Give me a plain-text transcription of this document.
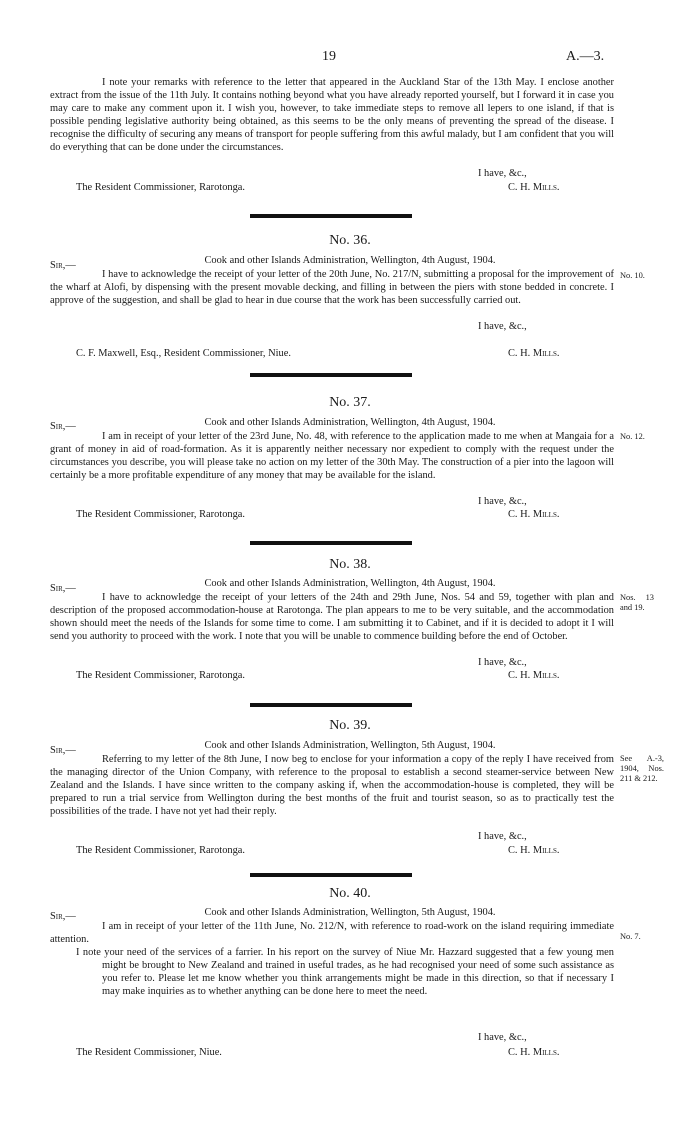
19	A.—3.

I note your remarks with reference to the letter that appeared in the Auckland Star of the 13th May. I enclose another extract from the issue of the 11th July. It contains nothing beyond what you have already reported yourself, but I forward it in case you may care to make any comment upon it. I wish you, however, to take immediate steps to remove all lepers to one island, if that is possible pending legislative authority being obtained, as this seems to be the only means of preventing the spread of the disease. I recognise the difficulty of securing any means of transport for people suffering from this awful malady, but I am confident that you will do everything that can be done under the circumstances.

I have, &c.,
The Resident Commissioner, Rarotonga.	C. H. Mills.
No. 36.
Sir,—	Cook and other Islands Administration, Wellington, 4th August, 1904.

I have to acknowledge the receipt of your letter of the 20th June, No. 217/N, submitting a proposal for the improvement of the wharf at Alofi, by dispensing with the present movable decking, and filling in between the piers with stone bedded in concrete. I approve of the suggestion, and shall be glad to hear in due course that the work has been successfully carried out.

I have, &c.,
C. F. Maxwell, Esq., Resident Commissioner, Niue.	C. H. Mills.
No. 10.
No. 37.
Sir,—	Cook and other Islands Administration, Wellington, 4th August, 1904.

I am in receipt of your letter of the 23rd June, No. 48, with reference to the application made to me when at Mangaia for a grant of money in aid of road-formation. As it is apparently neither necessary nor expedient to comply with the request under the circumstances you describe, you will please take no action on my letter of the 30th May. The construction of a pier into the lagoon will certainly be a more profitable expenditure of any money that may be available for the island.

I have, &c.,
The Resident Commissioner, Rarotonga.	C. H. Mills.
No. 12.
No. 38.
Sir,—	Cook and other Islands Administration, Wellington, 4th August, 1904.

I have to acknowledge the receipt of your letters of the 24th and 29th June, Nos. 54 and 59, together with plan and description of the proposed accommodation-house at Rarotonga. The plan appears to me to be very suitable, and the accommodation shown should meet the needs of the Islands for some time to come. I am submitting it to Cabinet, and if it is decided to adopt it I will send you authority to proceed with the work. I note that you will be unable to commence building before the end of October.

I have, &c.,
The Resident Commissioner, Rarotonga.	C. H. Mills.
Nos. 13 and 19.
No. 39.
Sir,—	Cook and other Islands Administration, Wellington, 5th August, 1904.

Referring to my letter of the 8th June, I now beg to enclose for your information a copy of the reply I have received from the managing director of the Union Company, with reference to the proposal to establish a second steamer-service between New Zealand and the Islands. I have since written to the company asking if, when the accommodation-house is completed, they will be prepared to run a trial service from Wellington during the best months of the fruit and tourist season, so as to practically test the possibilities of the trade. I have not yet had their reply.

I have, &c.,
The Resident Commissioner, Rarotonga.	C. H. Mills.
See A.-3, 1904, Nos. 211 & 212.
No. 40.
Sir,—	Cook and other Islands Administration, Wellington, 5th August, 1904.

I am in receipt of your letter of the 11th June, No. 212/N, with reference to road-work on the island requiring immediate attention.

I note your need of the services of a farrier. In his report on the survey of Niue Mr. Hazzard suggested that a few young men might be brought to New Zealand and trained in useful trades, as he had recognised your need of some such assistance as you refer to. Please let me know whether you think arrangements might be made in this direction, so that if necessary I may make inquiries as to whether anything can be done here to meet the need.

I have, &c.,
The Resident Commissioner, Niue.	C. H. Mills.
No. 7.
